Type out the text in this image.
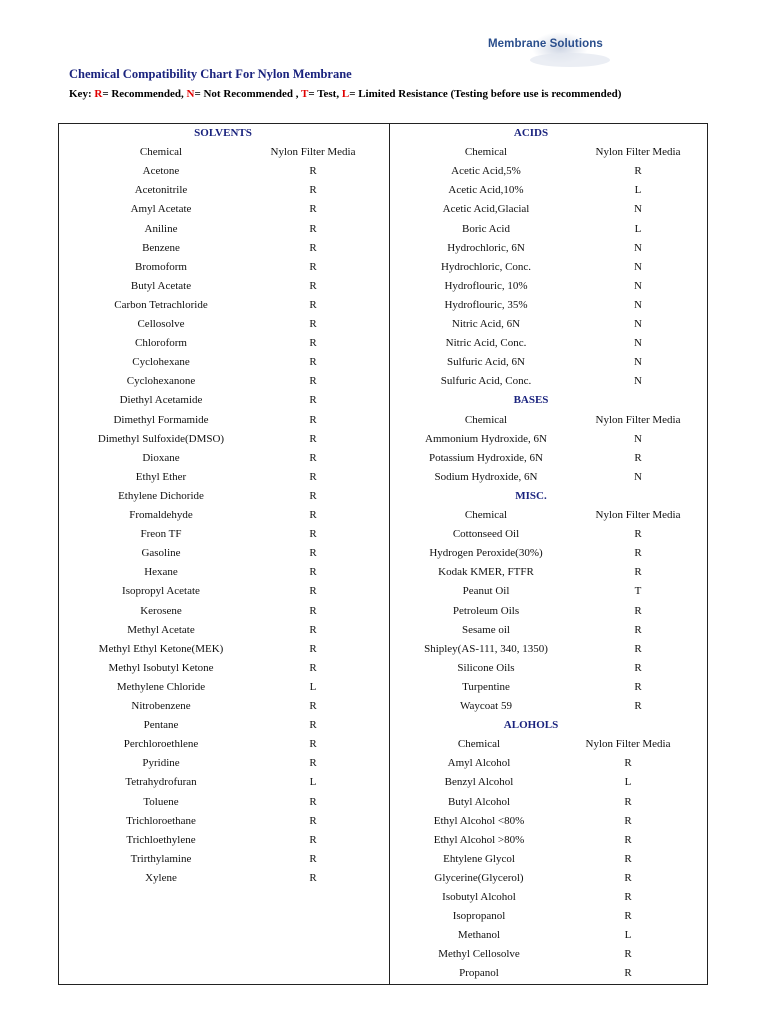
Membrane Solutions
Chemical Compatibility Chart For Nylon Membrane
Key: R= Recommended, N= Not Recommended , T= Test, L= Limited Resistance (Testing before use is recommended)
SOLVENTS
Chemical	Nylon Filter Media
Acetone	R
Acetonitrile	R
Amyl Acetate	R
Aniline	R
Benzene	R
Bromoform	R
Butyl Acetate	R
Carbon Tetrachloride	R
Cellosolve	R
Chloroform	R
Cyclohexane	R
Cyclohexanone	R
Diethyl Acetamide	R
Dimethyl Formamide	R
Dimethyl Sulfoxide(DMSO)	R
Dioxane	R
Ethyl Ether	R
Ethylene Dichoride	R
Fromaldehyde	R
Freon TF	R
Gasoline	R
Hexane	R
Isopropyl Acetate	R
Kerosene	R
Methyl Acetate	R
Methyl Ethyl Ketone(MEK)	R
Methyl Isobutyl Ketone	R
Methylene Chloride	L
Nitrobenzene	R
Pentane	R
Perchloroethlene	R
Pyridine	R
Tetrahydrofuran	L
Toluene	R
Trichloroethane	R
Trichloethylene	R
Trirthylamine	R
Xylene	R
ACIDS
Chemical	Nylon Filter Media
Acetic Acid,5%	R
Acetic Acid,10%	L
Acetic Acid,Glacial	N
Boric Acid	L
Hydrochloric, 6N	N
Hydrochloric, Conc.	N
Hydroflouric, 10%	N
Hydroflouric, 35%	N
Nitric Acid, 6N	N
Nitric Acid, Conc.	N
Sulfuric Acid, 6N	N
Sulfuric Acid, Conc.	N
BASES
Chemical	Nylon Filter Media
Ammonium Hydroxide, 6N	N
Potassium Hydroxide, 6N	R
Sodium Hydroxide, 6N	N
MISC.
Chemical	Nylon Filter Media
Cottonseed Oil	R
Hydrogen Peroxide(30%)	R
Kodak KMER, FTFR	R
Peanut Oil	T
Petroleum Oils	R
Sesame oil	R
Shipley(AS-111, 340, 1350)	R
Silicone Oils	R
Turpentine	R
Waycoat 59	R
ALOHOLS
Chemical	Nylon Filter Media
Amyl Alcohol	R
Benzyl Alcohol	L
Butyl Alcohol	R
Ethyl Alcohol <80%	R
Ethyl Alcohol >80%	R
Ehtylene Glycol	R
Glycerine(Glycerol)	R
Isobutyl Alcohol	R
Isopropanol	R
Methanol	L
Methyl Cellosolve	R
Propanol	R
